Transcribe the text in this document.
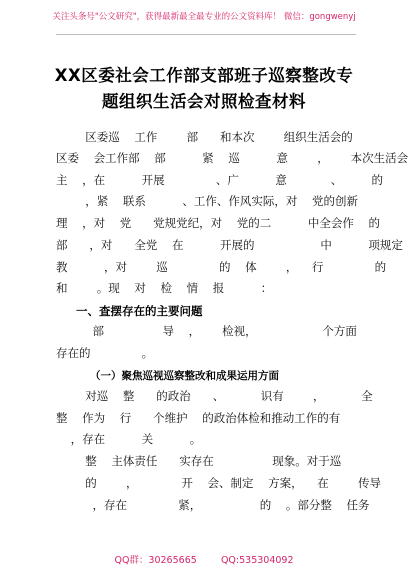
关注头条号"公文研究"，获得最新最全最专业的公文资料库！ 微信：gongwenyj
XX区委社会工作部支部班子巡察整改专
题组织生活会对照检查材料
区委巡    工作        部      和本次        组织生活会的
区委    会工作部    部          紧    巡          意        ，      本次生活会
主    ，在          开展              、广          意            、        的
，紧    联系          、工作、作风实际，对    党的创新
理    ，对    党      党规党纪，对    党的二          中全会作    的
部      ，对      全党    在          开展的                  中          项规定
教          ，对        巡              的    体        ，    行              的
和        。现    对    检    情    报          ：
一、查摆存在的主要问题
部                导    ，      检视，                  个方面
存在的              。
（一）聚焦巡视巡察整改和成果运用方面
对巡    整      的政治      、          识有        ，          全
整    作为    行      个维护    的政治体检和推动工作的有
，存在          关          。
整    主体责任      实存在                现象。对于巡
的        ，            开    会、制定    方案，    在        传导
，存在              紧，                的    。部分整    任务
QQ群：30265665	QQ:535304092
